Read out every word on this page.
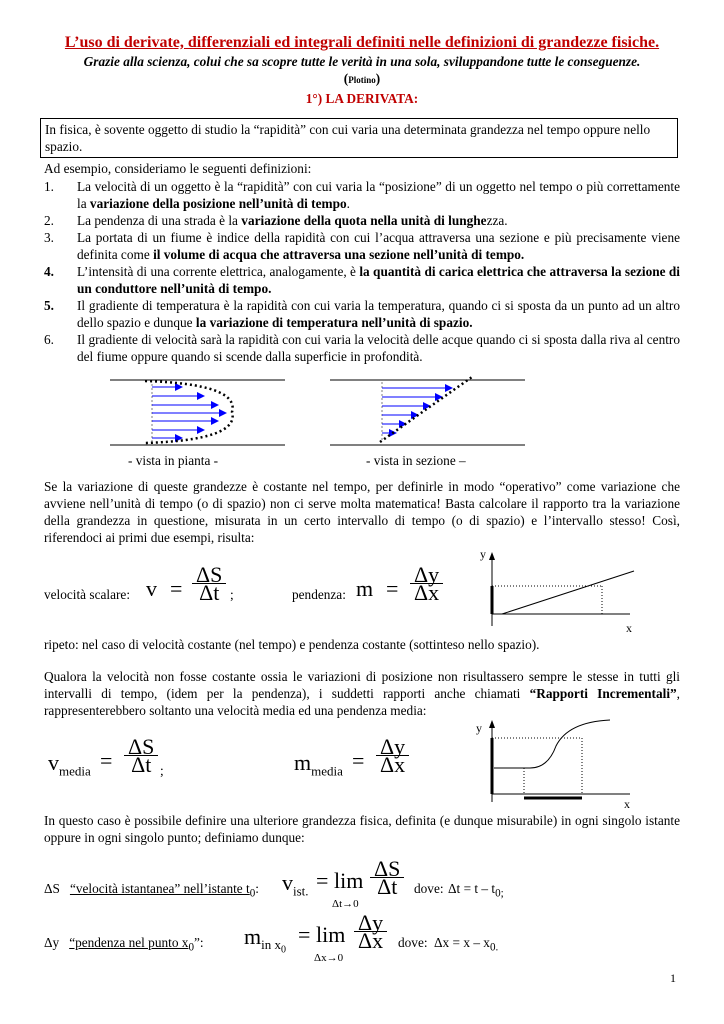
L’uso di derivate, differenziali ed integrali definiti nelle definizioni di grandezze fisiche.
Grazie alla scienza, colui che sa scopre tutte le verità in una sola, sviluppandone tutte le conseguenze.
(Plotino)
1°) LA DERIVATA:
In fisica, è sovente oggetto di studio la “rapidità” con cui varia una determinata grandezza nel tempo oppure nello spazio.
Ad esempio, consideriamo le seguenti definizioni:
1.	La velocità di un oggetto è la “rapidità” con cui varia la “posizione” di un oggetto nel tempo o più correttamente la variazione della posizione nell’unità di tempo.
2.	La pendenza di una strada è la variazione della quota nella unità di lunghezza.
3.	La portata di un fiume è indice della rapidità con cui l’acqua attraversa una sezione e più precisamente viene definita come il volume di acqua che attraversa una sezione nell’unità di tempo.
4.	L’intensità di una corrente elettrica, analogamente, è la quantità di carica elettrica che attraversa la sezione di un conduttore nell’unità di tempo.
5.	Il gradiente di temperatura è la rapidità con cui varia la temperatura, quando ci si sposta da un punto ad un altro dello spazio e dunque la variazione di temperatura nell’unità di spazio.
6.	Il gradiente di velocità sarà la rapidità con cui varia la velocità delle acque quando ci si sposta dalla riva al centro del fiume oppure quando si scende dalla superficie in profondità.
- vista in pianta -	- vista in sezione –
Se la variazione di queste grandezze è costante nel tempo, per definirle in modo “operativo” come variazione che avviene nell’unità di tempo (o di spazio) non ci serve molta matematica! Basta calcolare il rapporto tra la variazione della grandezza in questione, misurata in un certo intervallo di tempo (o di spazio) e l’intervallo stesso! Così, riferendoci ai primi due esempi, risulta:
velocità scalare: $v = \frac{\Delta S}{\Delta t}$ ;	pendenza: $m = \frac{\Delta y}{\Delta x}$
y
x
ripeto: nel caso di velocità costante (nel tempo) e pendenza costante (sottinteso nello spazio).
Qualora la velocità non fosse costante ossia le variazioni di posizione non risultassero sempre le stesse in tutti gli intervalli di tempo, (idem per la pendenza), i suddetti rapporti anche chiamati “Rapporti Incrementali”, rappresenterebbero soltanto una velocità media ed una pendenza media:
$v_{media} = \frac{\Delta S}{\Delta t}$ ;	$m_{media} = \frac{\Delta y}{\Delta x}$
y
x
In questo caso è possibile definire una ulteriore grandezza fisica, definita (e dunque misurabile) in ogni singolo istante oppure in ogni singolo punto; definiamo dunque:
ΔS “velocità istantanea” nell’istante $t_0$: $v_{ist.} = \lim$
Δt→0
$\frac{\Delta S}{\Delta t}$ dove: $\Delta t = t - t_{0;}$
Δy “pendenza nel punto $x_0$”: $m_{in x_0}$
= lim
Δx→0
$\frac{\Delta y}{\Delta x}$ dove: $\Delta x = x - x_{0.}$
1
